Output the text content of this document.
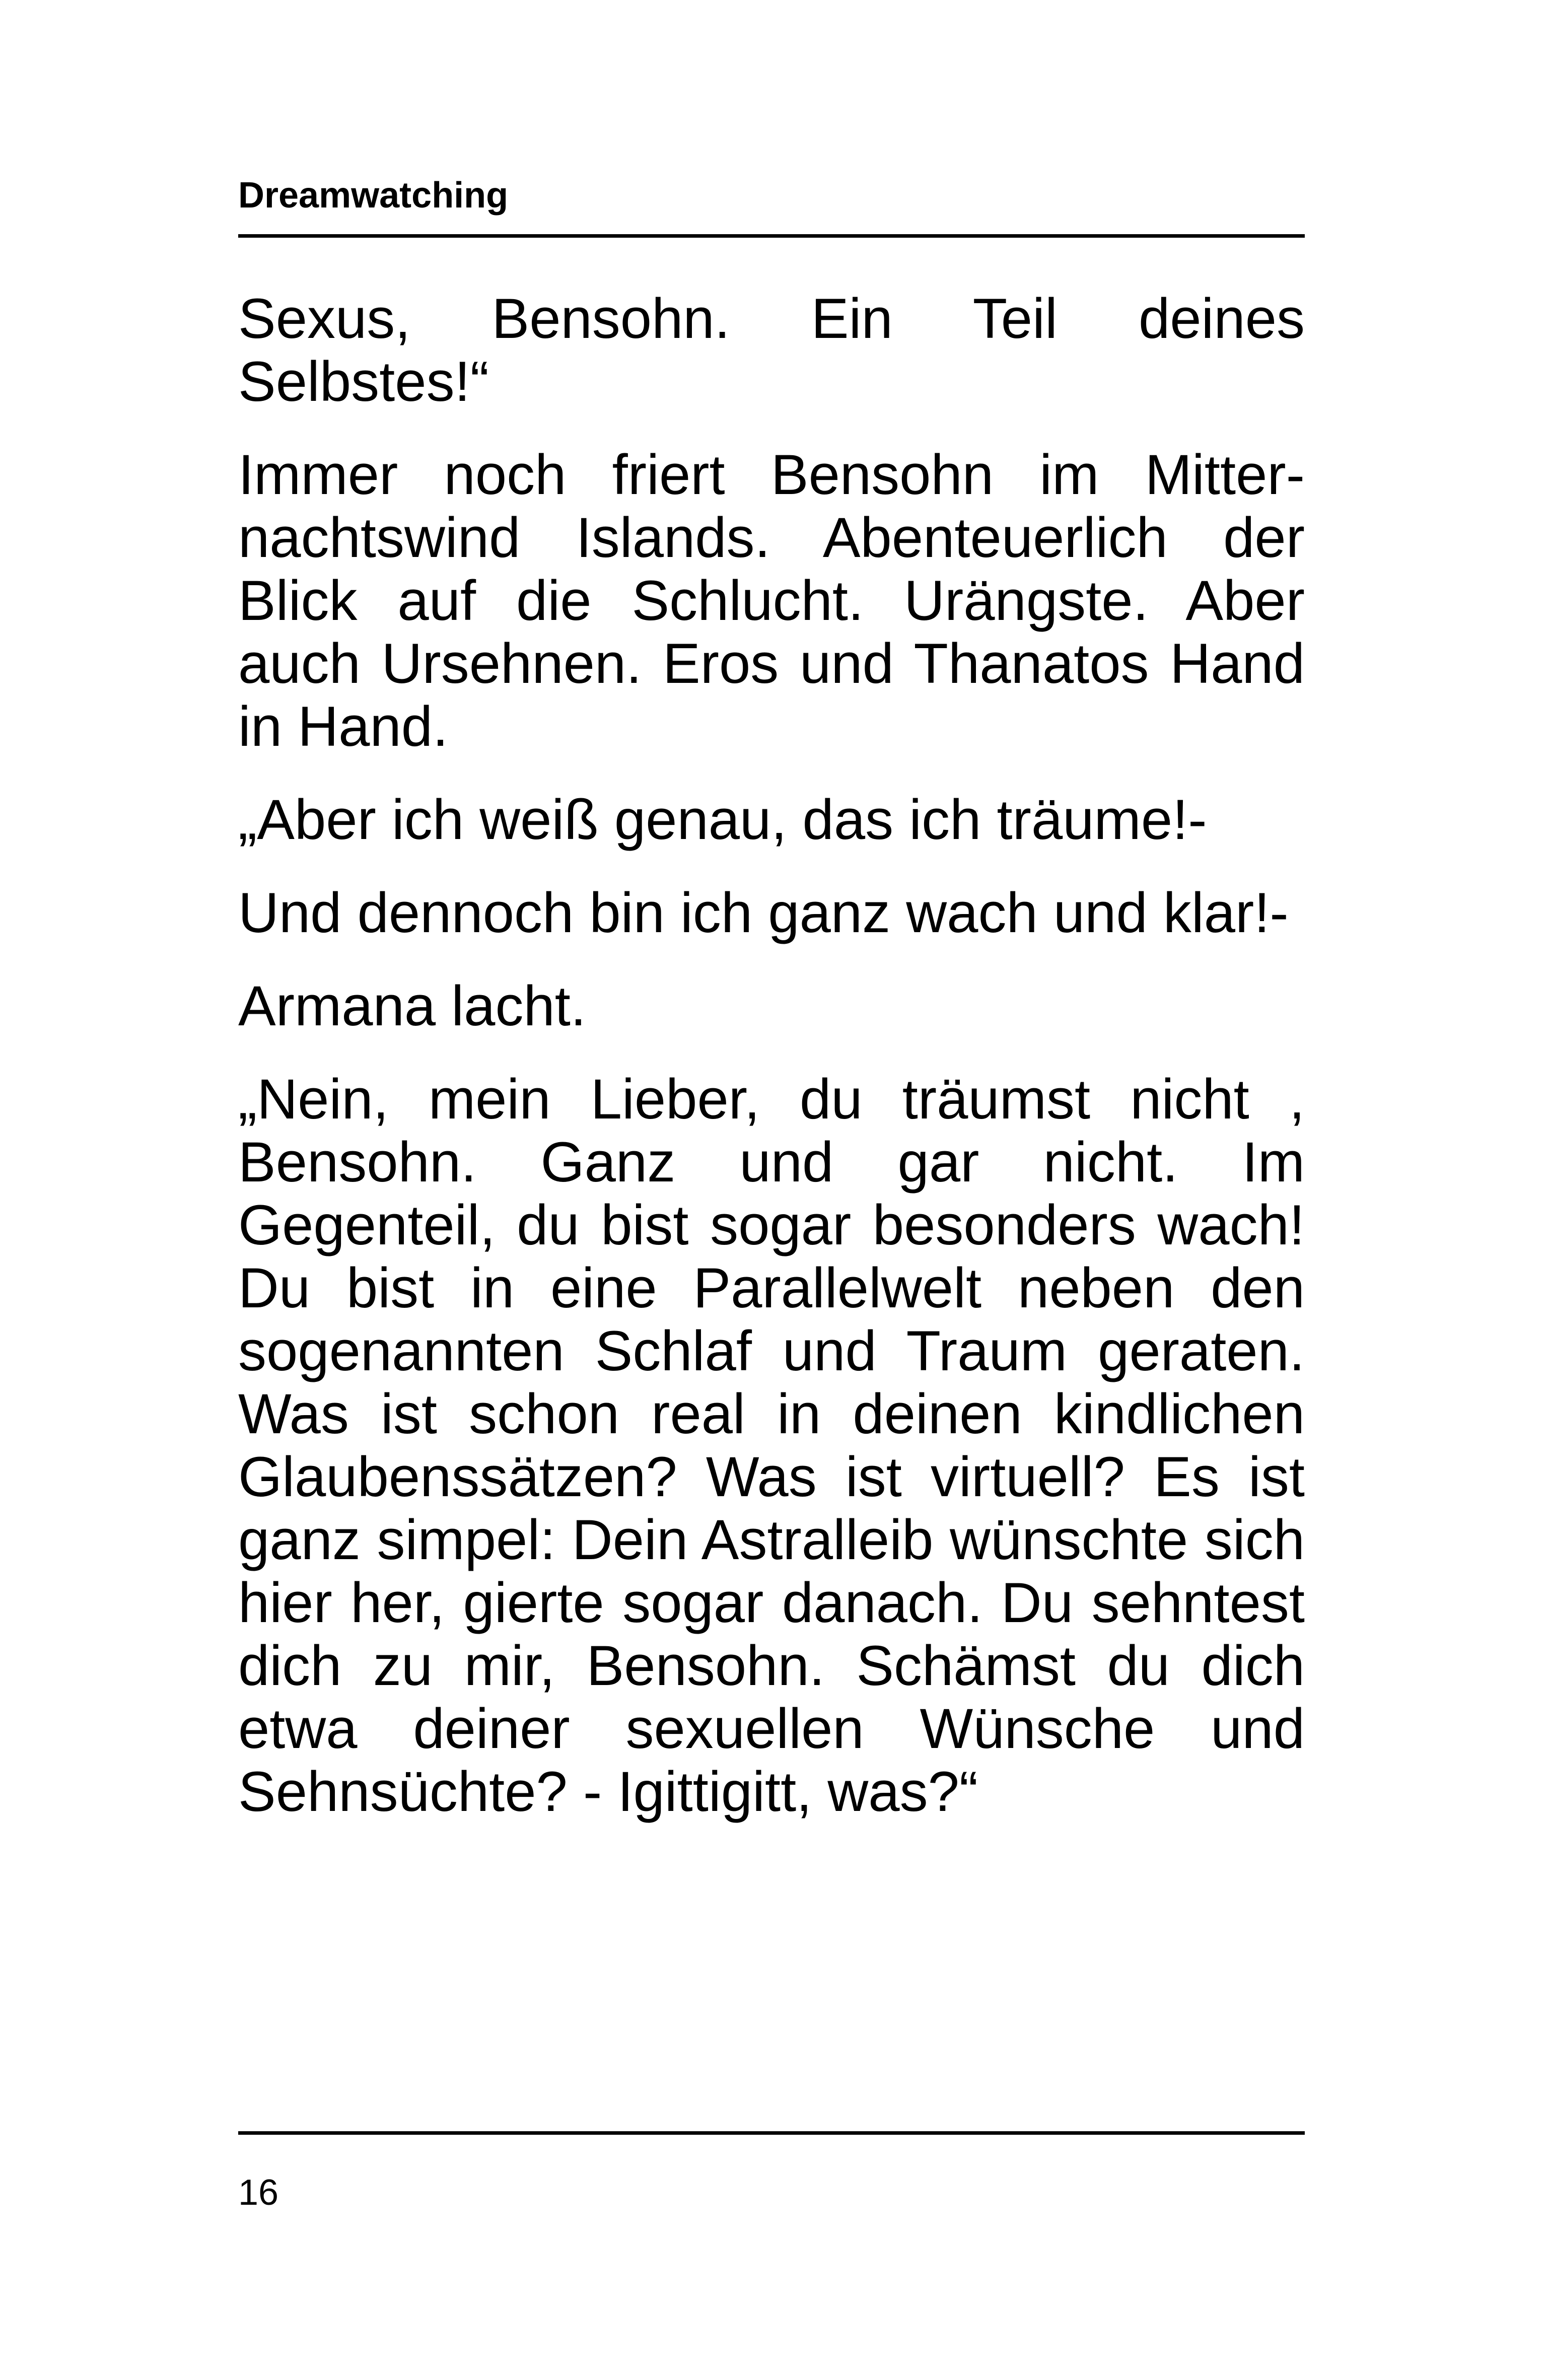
Dreamwatching

Sexus, Bensohn. Ein Teil deines Selbstes!“

Immer noch friert Bensohn im Mitternachtswind Islands. Abenteuerlich der Blick auf die Schlucht. Urängste. Aber auch Ursehnen. Eros und Thanatos Hand in Hand.

„Aber ich weiß genau, das ich träume!-

Und dennoch bin ich ganz wach und klar!-

Armana lacht.

„Nein, mein Lieber, du träumst nicht , Bensohn. Ganz und gar nicht. Im Gegenteil, du bist sogar besonders wach! Du bist in eine Parallelwelt neben den sogenannten Schlaf und Traum geraten. Was ist schon real in deinen kindlichen Glaubenssätzen? Was ist virtuell? Es ist ganz simpel: Dein Astralleib wünschte sich hier her, gierte sogar danach. Du sehntest dich zu mir, Bensohn. Schämst du dich etwa deiner sexuellen Wünsche und Sehnsüchte? - Igittigitt, was?“

16
